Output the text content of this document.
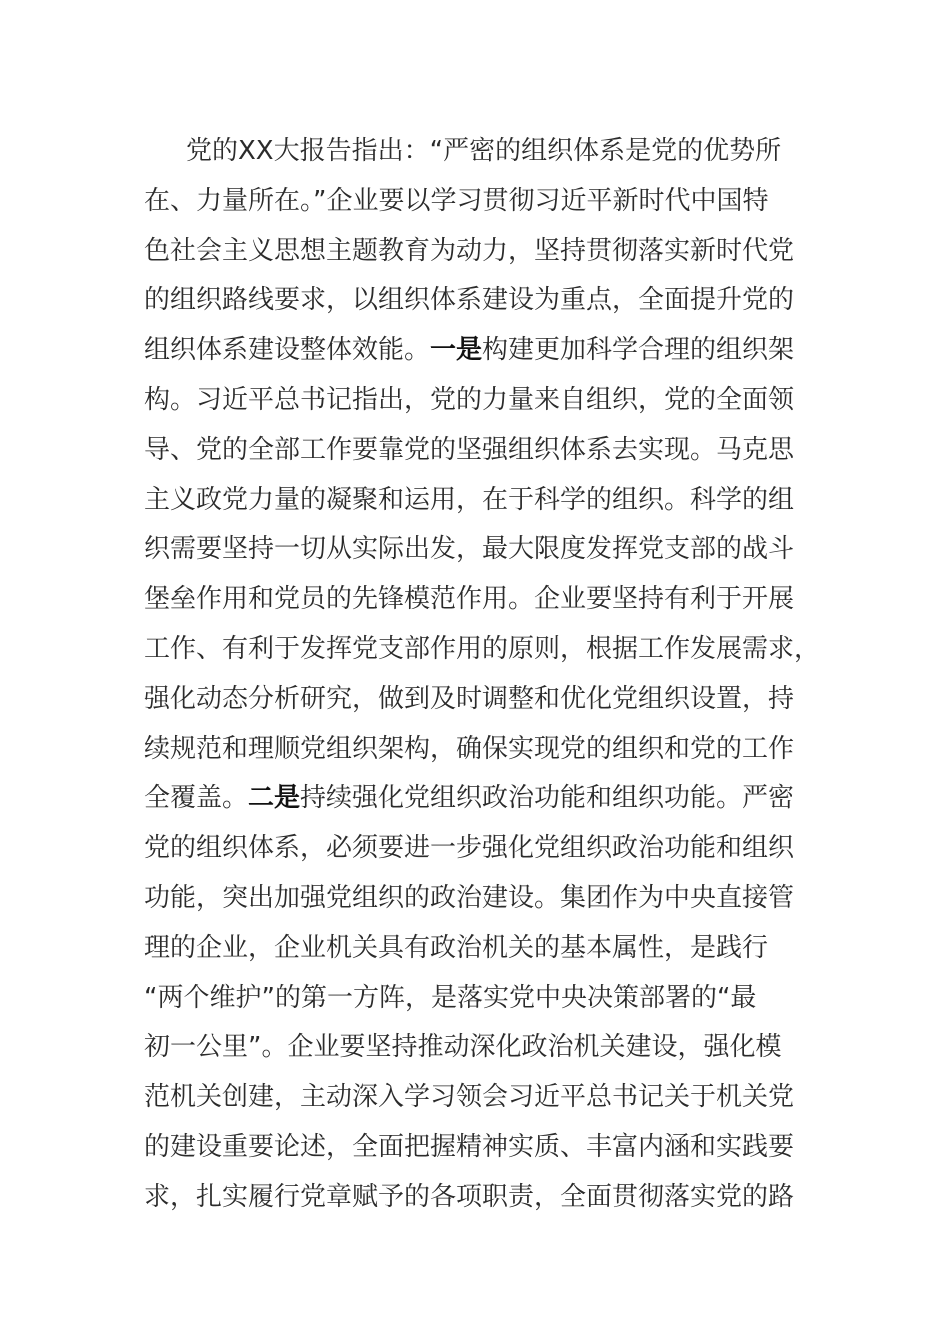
党的XX大报告指出：“严密的组织体系是党的优势所
在、力量所在。”企业要以学习贯彻习近平新时代中国特
色社会主义思想主题教育为动力，坚持贯彻落实新时代党
的组织路线要求，以组织体系建设为重点，全面提升党的
组织体系建设整体效能。一是构建更加科学合理的组织架
构。习近平总书记指出，党的力量来自组织，党的全面领
导、党的全部工作要靠党的坚强组织体系去实现。马克思
主义政党力量的凝聚和运用，在于科学的组织。科学的组
织需要坚持一切从实际出发，最大限度发挥党支部的战斗
堡垒作用和党员的先锋模范作用。企业要坚持有利于开展
工作、有利于发挥党支部作用的原则，根据工作发展需求，
强化动态分析研究，做到及时调整和优化党组织设置，持
续规范和理顺党组织架构，确保实现党的组织和党的工作
全覆盖。二是持续强化党组织政治功能和组织功能。严密
党的组织体系，必须要进一步强化党组织政治功能和组织
功能，突出加强党组织的政治建设。集团作为中央直接管
理的企业，企业机关具有政治机关的基本属性，是践行
“两个维护”的第一方阵，是落实党中央决策部署的“最
初一公里”。企业要坚持推动深化政治机关建设，强化模
范机关创建，主动深入学习领会习近平总书记关于机关党
的建设重要论述，全面把握精神实质、丰富内涵和实践要
求，扎实履行党章赋予的各项职责，全面贯彻落实党的路
